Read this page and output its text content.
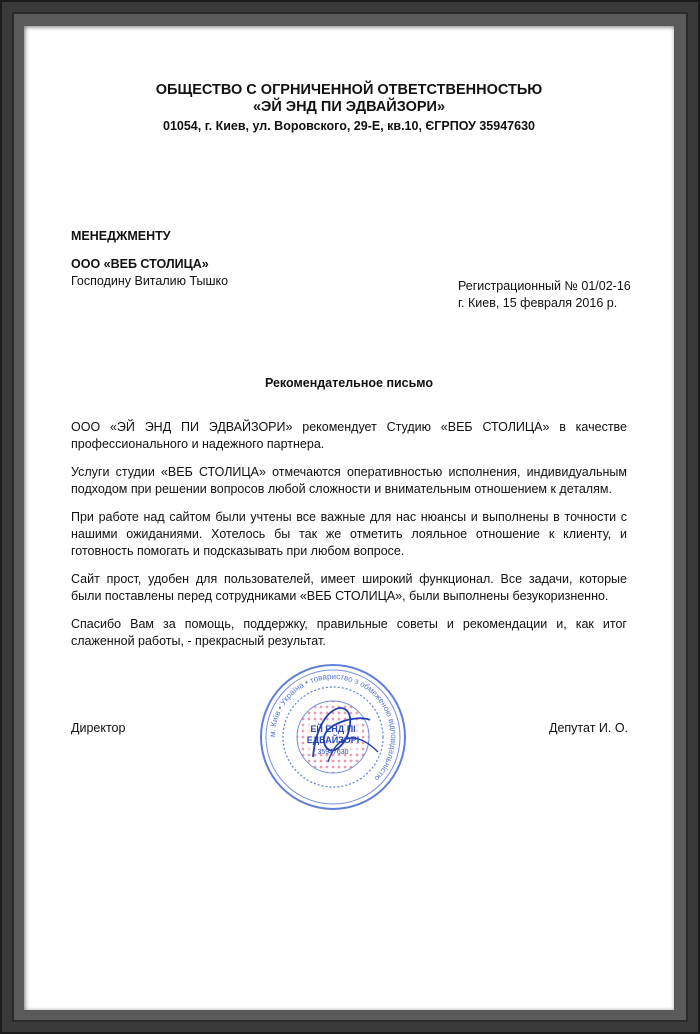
ОБЩЕСТВО С ОГРНИЧЕННОЙ ОТВЕТСТВЕННОСТЬЮ
«ЭЙ ЭНД ПИ ЭДВАЙЗОРИ»
01054, г. Киев, ул. Воровского, 29-Е, кв.10, ЄГРПОУ 35947630
МЕНЕДЖМЕНТУ
ООО «ВЕБ СТОЛИЦА»
Господину Виталию Тышко	Регистрационный № 01/02-16
г. Киев, 15 февраля 2016 р.
Рекомендательное письмо

ООО «ЭЙ ЭНД ПИ ЭДВАЙЗОРИ» рекомендует Студию «ВЕБ СТОЛИЦА» в качестве профессионального и надежного партнера.

Услуги студии «ВЕБ СТОЛИЦА» отмечаются оперативностью исполнения, индивидуальным подходом при решении вопросов любой сложности и внимательным отношением к деталям.

При работе над сайтом были учтены все важные для нас нюансы и выполнены в точности с нашими ожиданиями. Хотелось бы так же отметить лояльное отношение к клиенту, и готовность помогать и подсказывать при любом вопросе.

Сайт прост, удобен для пользователей, имеет широкий функционал. Все задачи, которые были поставлены перед сотрудниками «ВЕБ СТОЛИЦА», были выполнены безукоризненно.

Спасибо Вам за помощь, поддержку, правильные советы и рекомендации и, как итог слаженной работы, - прекрасный результат.

Директор	Депутат И. О.
м. Київ • Україна • товариство з обмеженою відповідальністю
ЕЙ ЕНД ПІ
ЕДВАЙЗОРІ
35947630
